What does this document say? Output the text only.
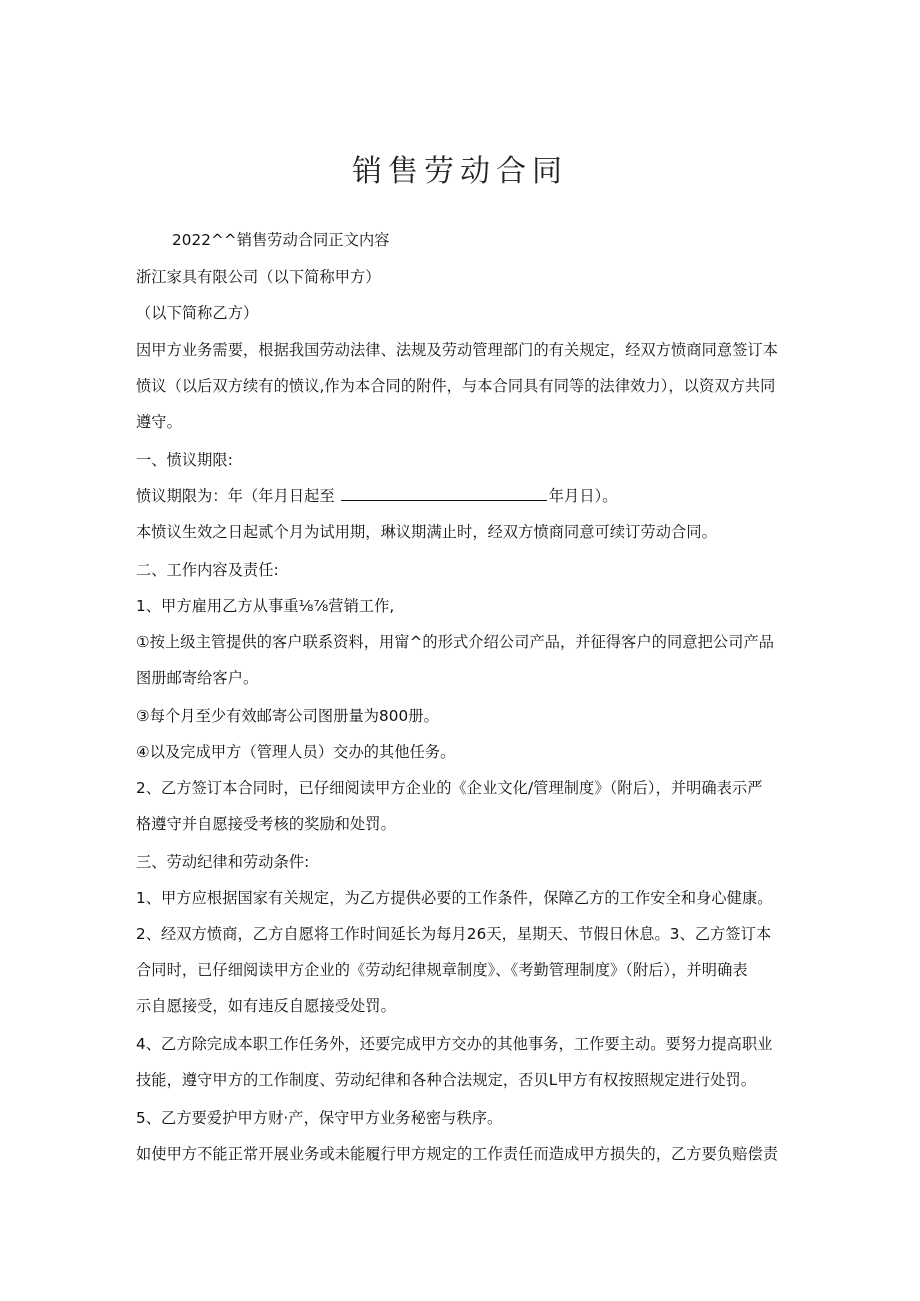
销售劳动合同
2022^^销售劳动合同正文内容
浙江家具有限公司（以下简称甲方）
（以下简称乙方）
因甲方业务需要，根据我国劳动法律、法规及劳动管理部门的有关规定，经双方愤商同意签订本
愤议（以后双方续有的愤议,作为本合同的附件，与本合同具有同等的法律效力），以资双方共同
遵守。
一、愤议期限:
愤议期限为：年（年月日起至	年月日）。
本愤议生效之日起贰个月为试用期，琳议期满止时，经双方愤商同意可续订劳动合同。
二、工作内容及责任:
1、甲方雇用乙方从事重⅛⅞营销工作,
①按上级主管提供的客户联系资料，用甯^的形式介绍公司产品，并征得客户的同意把公司产品
图册邮寄给客户。
③每个月至少有效邮寄公司图册量为800册。
④以及完成甲方（管理人员）交办的其他任务。
2、乙方签订本合同时，已仔细阅读甲方企业的《企业文化/管理制度》（附后），并明确表示严
格遵守并自愿接受考核的奖励和处罚。
三、劳动纪律和劳动条件:
1、甲方应根据国家有关规定，为乙方提供必要的工作条件，保障乙方的工作安全和身心健康。
2、经双方愤商，乙方自愿将工作时间延长为每月26天，星期天、节假日休息。3、乙方签订本
合同时，已仔细阅读甲方企业的《劳动纪律规章制度》、《考勤管理制度》（附后），并明确表
示自愿接受，如有违反自愿接受处罚。
4、乙方除完成本职工作任务外，还要完成甲方交办的其他事务，工作要主动。要努力提高职业
技能，遵守甲方的工作制度、劳动纪律和各种合法规定，否贝L甲方有权按照规定进行处罚。
5、乙方要爱护甲方财·产，保守甲方业务秘密与秩序。
如使甲方不能正常开展业务或未能履行甲方规定的工作责任而造成甲方损失的，乙方要负赔偿责
